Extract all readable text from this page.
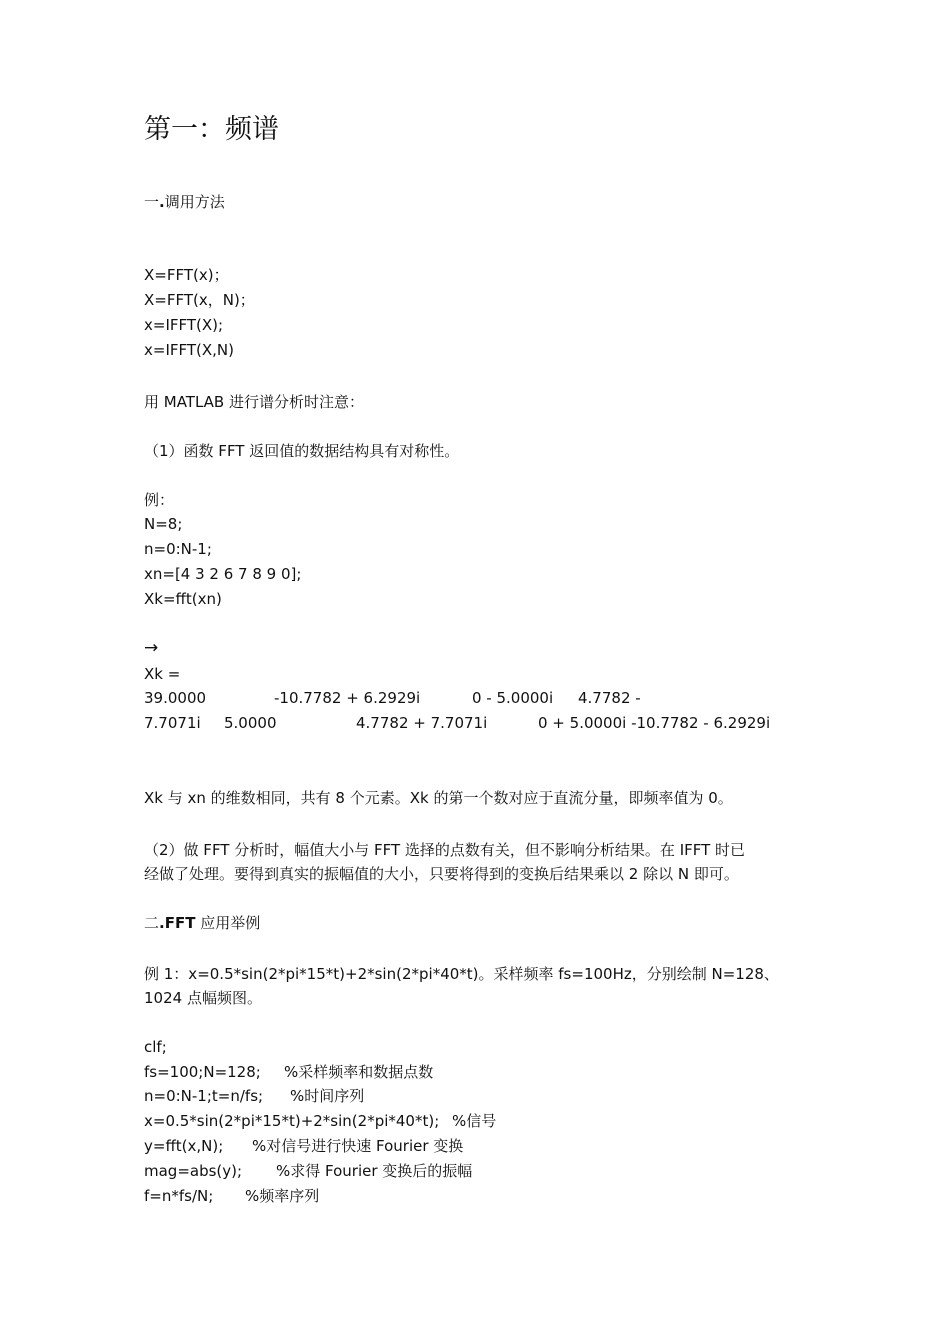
第一：频谱
一.调用方法
X=FFT(x)；
X=FFT(x，N)；
x=IFFT(X);
x=IFFT(X,N)
用 MATLAB 进行谱分析时注意：
（1）函数 FFT 返回值的数据结构具有对称性。
例：
N=8;
n=0:N-1;
xn=[4 3 2 6 7 8 9 0];
Xk=fft(xn)
→
Xk =
39.0000	-10.7782 + 6.2929i	0 - 5.0000i 4.7782 -
7.7071i 5.0000	4.7782 + 7.7071i	0 + 5.0000i -10.7782 - 6.2929i
Xk 与 xn 的维数相同，共有 8 个元素。Xk 的第一个数对应于直流分量，即频率值为 0。
（2）做 FFT 分析时，幅值大小与 FFT 选择的点数有关，但不影响分析结果。在 IFFT 时已
经做了处理。要得到真实的振幅值的大小，只要将得到的变换后结果乘以 2 除以 N 即可。
二.FFT 应用举例
例 1：x=0.5*sin(2*pi*15*t)+2*sin(2*pi*40*t)。采样频率 fs=100Hz，分别绘制 N=128、
1024 点幅频图。
clf;
fs=100;N=128; %采样频率和数据点数
n=0:N-1;t=n/fs; %时间序列
x=0.5*sin(2*pi*15*t)+2*sin(2*pi*40*t); %信号
y=fft(x,N); %对信号进行快速 Fourier 变换
mag=abs(y); %求得 Fourier 变换后的振幅
f=n*fs/N; %频率序列
